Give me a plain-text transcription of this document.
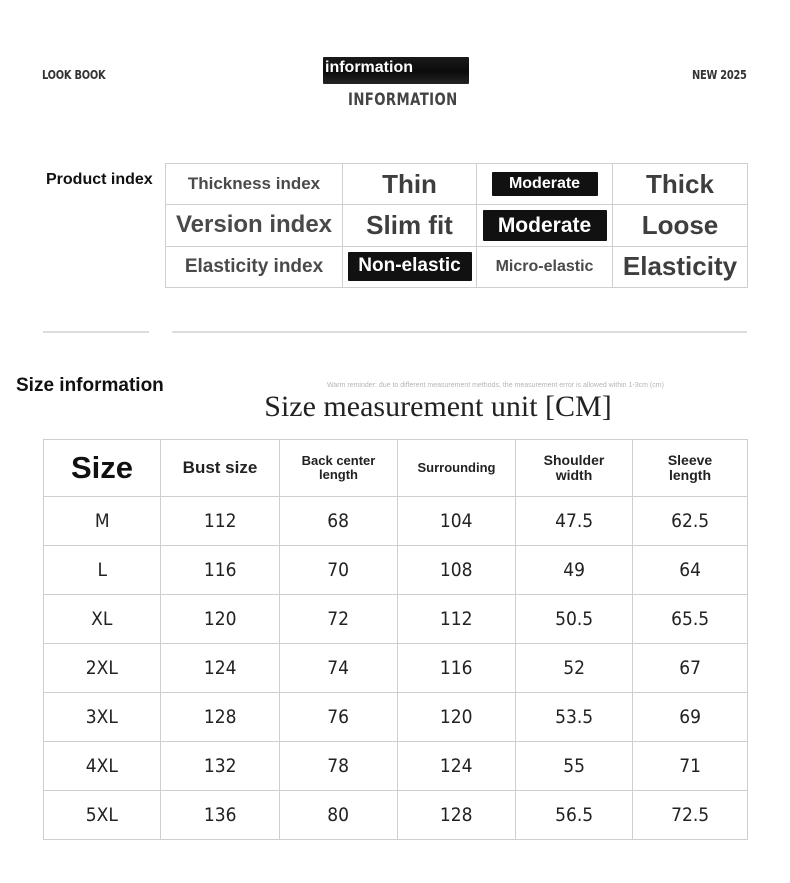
LOOK BOOK	information
INFORMATION
NEW 2025
Product index Thickness index	Thin	Moderate	Thick
Version index	Slim fit	Moderate	Loose
Elasticity index	Non-elastic	Micro-elastic	Elasticity
Size information	Warm reminder: due to different measurement methods, the measurement error is allowed within 1-3cm (cm)
Size measurement unit [CM]
Size	Bust size	Back center length	Surrounding	Shoulder width	Sleeve length

M	112	68	104	47.5	62.5
L	116	70	108	49	64
XL	120	72	112	50.5	65.5
2XL	124	74	116	52	67
3XL	128	76	120	53.5	69
4XL	132	78	124	55	71
5XL	136	80	128	56.5	72.5
